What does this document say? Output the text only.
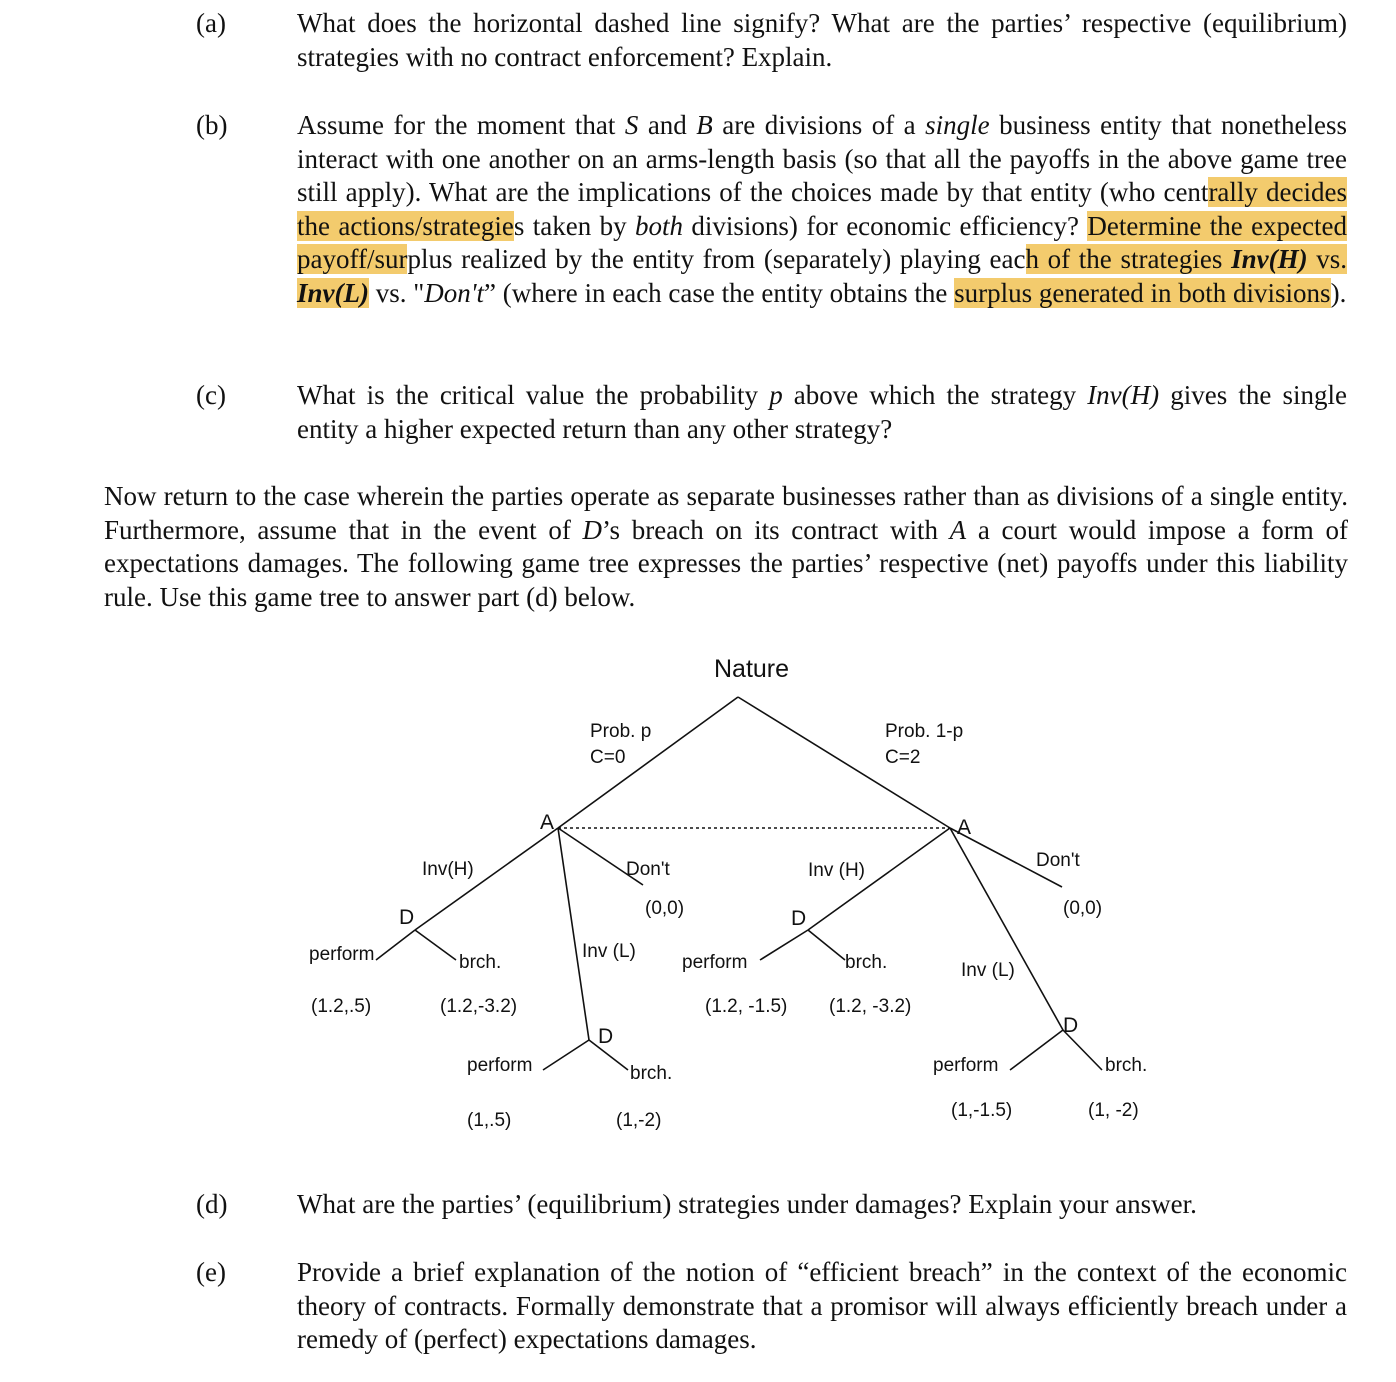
(a)	What does the horizontal dashed line signify? What are the parties’ respective (equilibrium) strategies with no contract enforcement? Explain.
(b)	Assume for the moment that S and B are divisions of a single business entity that nonetheless interact with one another on an arms-length basis (so that all the payoffs in the above game tree still apply). What are the implications of the choices made by that entity (who centrally decides the actions/strategies taken by both divisions) for economic efficiency? Determine the expected payoff/surplus realized by the entity from (separately) playing each of the strategies Inv(H) vs. Inv(L) vs. "Don't” (where in each case the entity obtains the surplus generated in both divisions).
(c)	What is the critical value the probability p above which the strategy Inv(H) gives the single entity a higher expected return than any other strategy?
Now return to the case wherein the parties operate as separate businesses rather than as divisions of a single entity. Furthermore, assume that in the event of D’s breach on its contract with A a court would impose a form of expectations damages. The following game tree expresses the parties’ respective (net) payoffs under this liability rule. Use this game tree to answer part (d) below.
Nature
Prob. p
C=0
Prob. 1-p
C=2
A
Inv(H)	Don't
(0,0)
D
Inv (L)
perform	brch.
(1.2,.5)	(1.2,-3.2)
D
perform	brch.
(1,.5)	(1,-2)
A
Don't
(0,0)
Inv (H)
D
perform	brch.	Inv (L)
(1.2, -1.5) (1.2, -3.2)
D
perform	brch.
(1,-1.5)	(1, -2)
(d)	What are the parties’ (equilibrium) strategies under damages? Explain your answer.
(e)	Provide a brief explanation of the notion of “efficient breach” in the context of the economic theory of contracts. Formally demonstrate that a promisor will always efficiently breach under a remedy of (perfect) expectations damages.
